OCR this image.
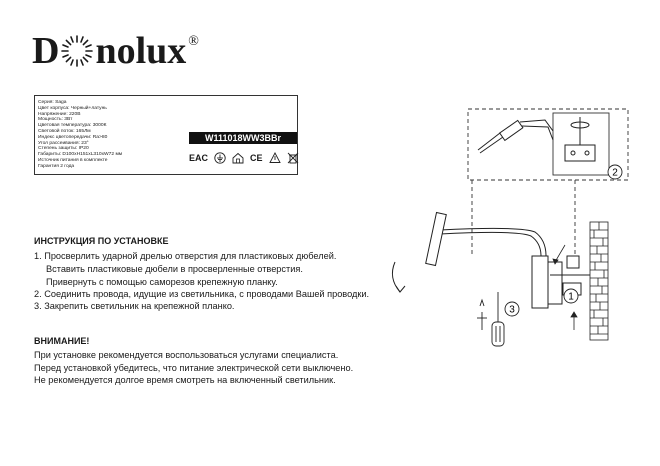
D nolux ®
Серия: Saga
Цвет корпуса: Черный+латунь
Напряжение: 220В
Мощность: 3Вт
Цветовая температура: 3000К
Световой поток: 165Лм
Индекс цветопередачи: Ra>80
Угол рассеивания: 23°
Степень защиты: IP20
Габариты: D100xH151xL310xW72 мм
Источник питания в комплекте
Гарантия 2 года
W111018WW3BBr
EAC	CE
ИНСТРУКЦИЯ ПО УСТАНОВКЕ
1. Просверлить ударной дрелью отверстия для пластиковых дюбелей.
Вставить пластиковые дюбели в просверленные отверстия.
Привернуть с помощью саморезов крепежную планку.
2. Соединить провода, идущие из светильника, с проводами Вашей проводки.
3. Закрепить светильник на крепежной планко.
ВНИМАНИЕ!
При установке рекомендуется воспользоваться услугами специалиста.
Перед установкой убедитесь, что питание электрической сети выключено.
Не рекомендуется долгое время смотреть на включенный светильник.
2
1
3
